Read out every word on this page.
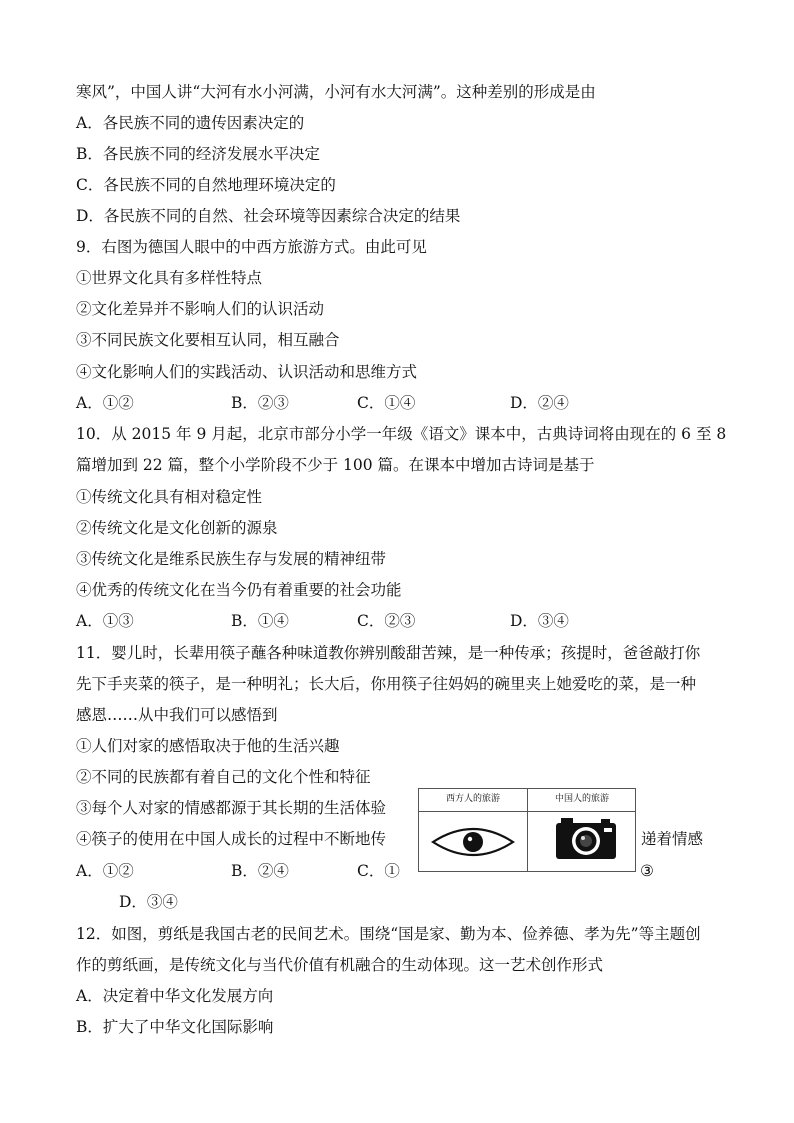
寒风”，中国人讲“大河有水小河满，小河有水大河满”。这种差别的形成是由
A．各民族不同的遗传因素决定的
B．各民族不同的经济发展水平决定
C．各民族不同的自然地理环境决定的
D．各民族不同的自然、社会环境等因素综合决定的结果
9．右图为德国人眼中的中西方旅游方式。由此可见
①世界文化具有多样性特点
②文化差异并不影响人们的认识活动
③不同民族文化要相互认同，相互融合
④文化影响人们的实践活动、认识活动和思维方式
A．①②	B．②③	C．①④	D．②④
10．从 2015 年 9 月起，北京市部分小学一年级《语文》课本中，古典诗词将由现在的 6 至 8
篇增加到 22 篇，整个小学阶段不少于 100 篇。在课本中增加古诗词是基于
①传统文化具有相对稳定性
②传统文化是文化创新的源泉
③传统文化是维系民族生存与发展的精神纽带
④优秀的传统文化在当今仍有着重要的社会功能
A．①③	B．①④	C．②③	D．③④
11．婴儿时，长辈用筷子蘸各种味道教你辨别酸甜苦辣，是一种传承；孩提时，爸爸敲打你
先下手夹菜的筷子，是一种明礼；长大后，你用筷子往妈妈的碗里夹上她爱吃的菜，是一种
感恩……从中我们可以感悟到
①人们对家的感悟取决于他的生活兴趣
②不同的民族都有着自己的文化个性和特征
③每个人对家的情感都源于其长期的生活体验
④筷子的使用在中国人成长的过程中不断地传	递着情感
A．①②	B．②④	C．①	③
D．③④
西方人的旅游	中国人的旅游
12．如图，剪纸是我国古老的民间艺术。围绕“国是家、勤为本、俭养德、孝为先”等主题创
作的剪纸画，是传统文化与当代价值有机融合的生动体现。这一艺术创作形式
A．决定着中华文化发展方向
B．扩大了中华文化国际影响
